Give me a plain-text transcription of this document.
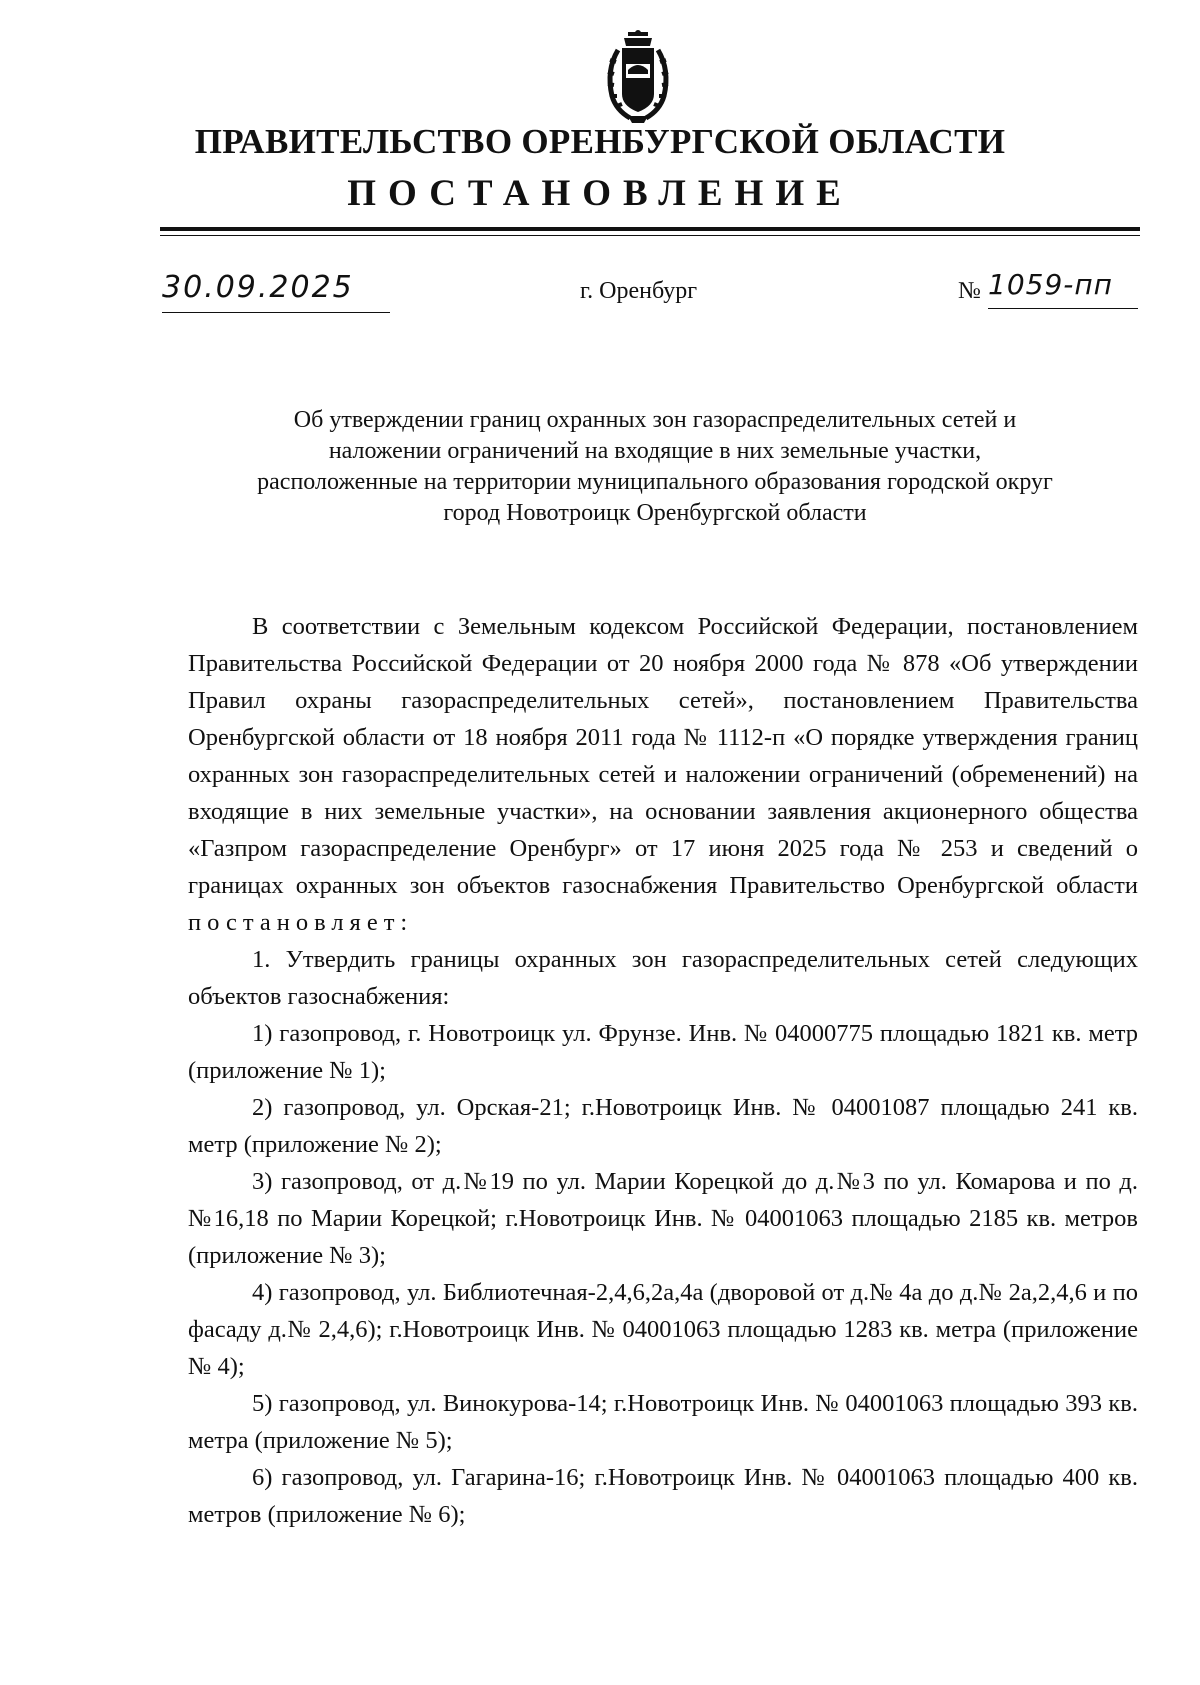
ПРАВИТЕЛЬСТВО ОРЕНБУРГСКОЙ ОБЛАСТИ
ПОСТАНОВЛЕНИЕ
30.09.2025	г. Оренбург	№ 1059-пп
Об утверждении границ охранных зон газораспределительных сетей и
наложении ограничений на входящие в них земельные участки,
расположенные на территории муниципального образования городской округ
город Новотроицк Оренбургской области

В соответствии с Земельным кодексом Российской Федерации, постановлением Правительства Российской Федерации от 20 ноября 2000 года № 878 «Об утверждении Правил охраны газораспределительных сетей», постановлением Правительства Оренбургской области от 18 ноября 2011 года № 1112-п «О порядке утверждения границ охранных зон газораспределительных сетей и наложении ограничений (обременений) на входящие в них земельные участки», на основании заявления акционерного общества «Газпром газораспределение Оренбург» от 17 июня 2025 года № 253 и сведений о границах охранных зон объектов газоснабжения Правительство Оренбургской области постановляет:

1. Утвердить границы охранных зон газораспределительных сетей следующих объектов газоснабжения:

1) газопровод, г. Новотроицк ул. Фрунзе. Инв. № 04000775 площадью 1821 кв. метр (приложение № 1);

2) газопровод, ул. Орская-21; г.Новотроицк Инв. № 04001087 площадью 241 кв. метр (приложение № 2);

3) газопровод, от д.№19 по ул. Марии Корецкой до д.№3 по ул. Комарова и по д.№16,18 по Марии Корецкой; г.Новотроицк Инв. № 04001063 площадью 2185 кв. метров (приложение № 3);

4) газопровод, ул. Библиотечная-2,4,6,2а,4а (дворовой от д.№ 4а до д.№ 2а,2,4,6 и по фасаду д.№ 2,4,6); г.Новотроицк Инв. № 04001063 площадью 1283 кв. метра (приложение № 4);

5) газопровод, ул. Винокурова-14; г.Новотроицк Инв. № 04001063 площадью 393 кв. метра (приложение № 5);

6) газопровод, ул. Гагарина-16; г.Новотроицк Инв. № 04001063 площадью 400 кв. метров (приложение № 6);
